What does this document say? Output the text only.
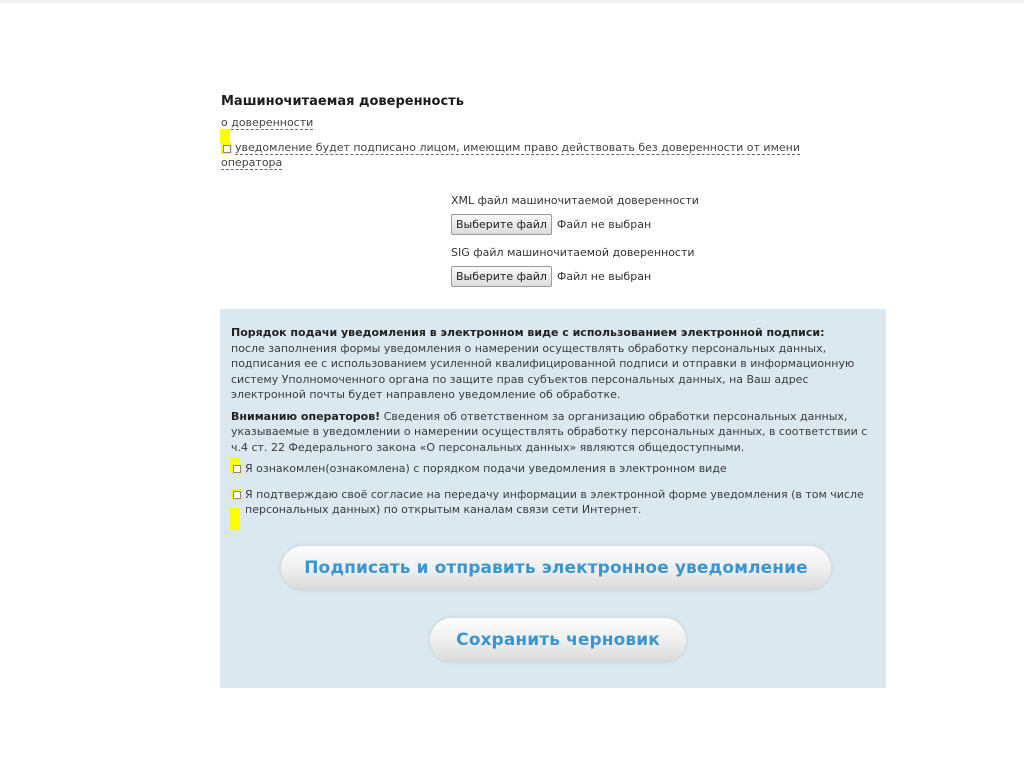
Машиночитаемая доверенность
о доверенности
уведомление будет подписано лицом, имеющим право действовать без доверенности от имени оператора
XML файл машиночитаемой доверенности
Выберите файл Файл не выбран
SIG файл машиночитаемой доверенности
Выберите файл Файл не выбран

Порядок подачи уведомления в электронном виде с использованием электронной подписи:
после заполнения формы уведомления о намерении осуществлять обработку персональных данных, подписания ее с использованием усиленной квалифицированной подписи и отправки в информационную систему Уполномоченного органа по защите прав субъектов персональных данных, на Ваш адрес электронной почты будет направлено уведомление об обработке.

Вниманию операторов! Сведения об ответственном за организацию обработки персональных данных, указываемые в уведомлении о намерении осуществлять обработку персональных данных, в соответствии с ч.4 ст. 22 Федерального закона «О персональных данных» являются общедоступными.

Я ознакомлен(ознакомлена) с порядком подачи уведомления в электронном виде
Я подтверждаю своё согласие на передачу информации в электронной форме уведомления (в том числе персональных данных) по открытым каналам связи сети Интернет.
Подписать и отправить электронное уведомление
Сохранить черновик
